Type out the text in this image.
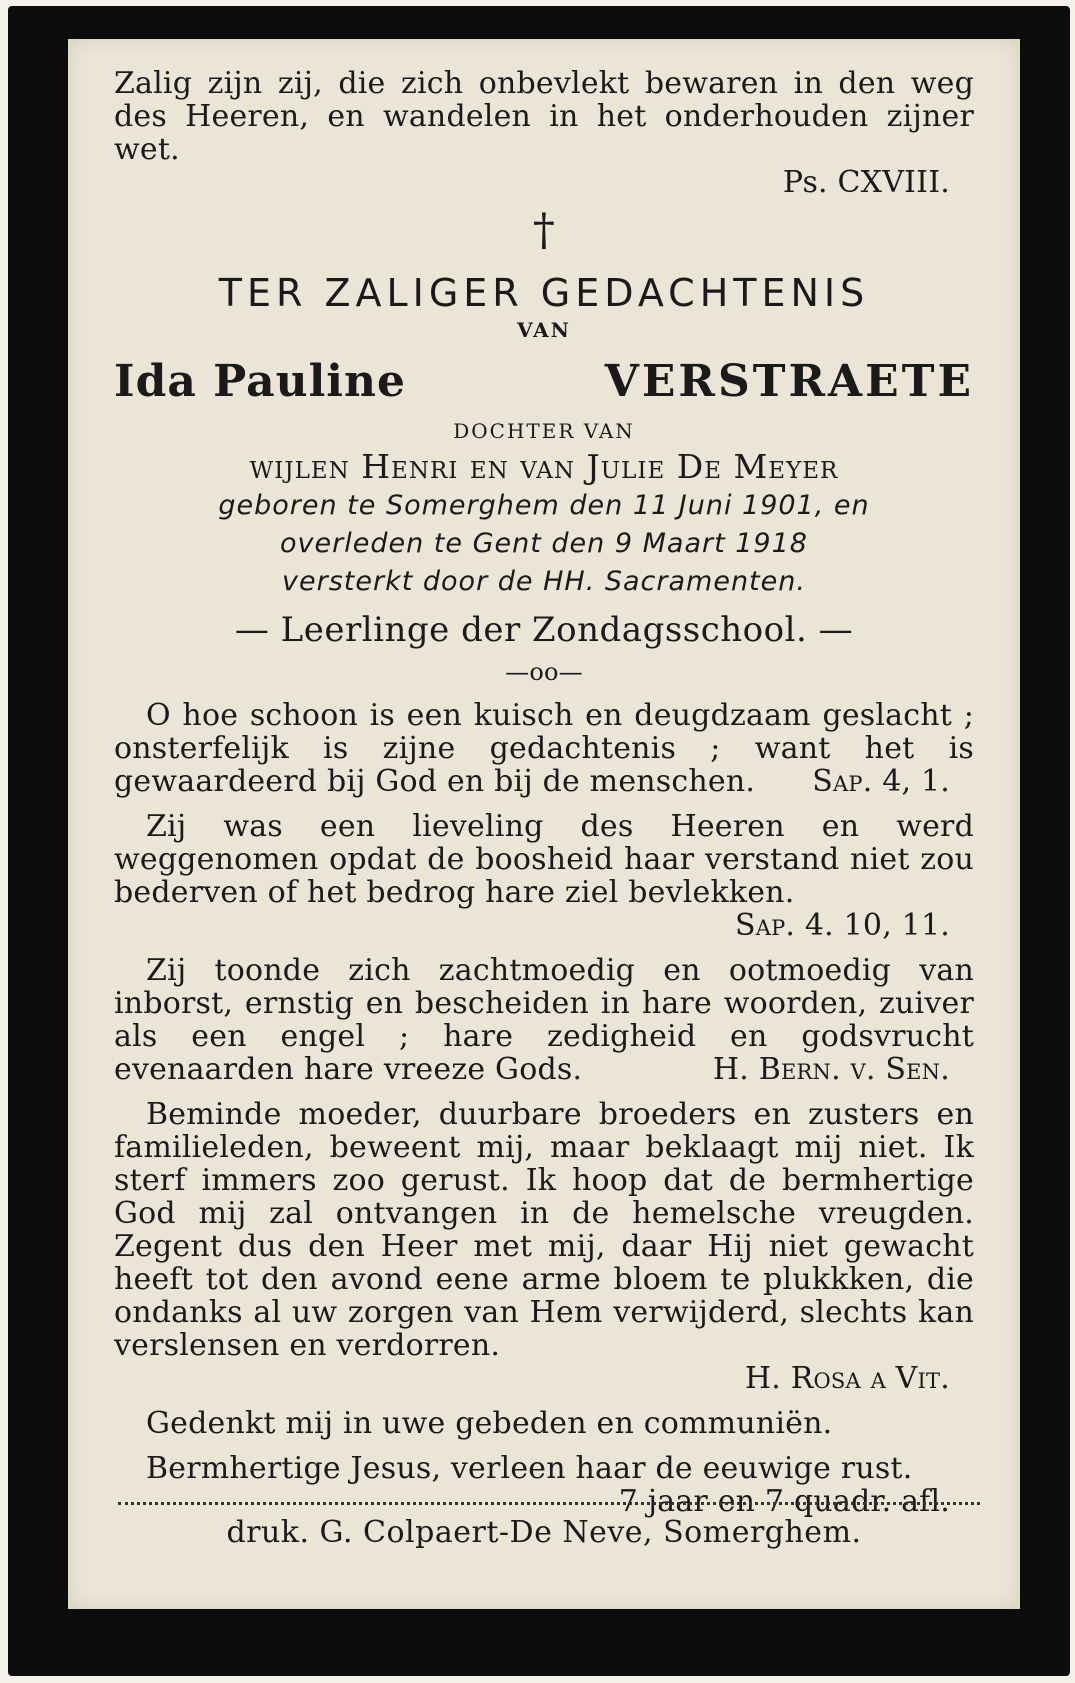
Zalig zijn zij, die zich onbevlekt bewaren in den weg des Heeren, en wandelen in het onderhouden zijner wet.

Ps. CXVIII.
†
TER ZALIGER GEDACHTENIS
VAN
Ida Pauline	VERSTRAETE
DOCHTER VAN
wijlen Henri en van Julie De Meyer
geboren te Somerghem den 11 Juni 1901, en
overleden te Gent den 9 Maart 1918
versterkt door de HH. Sacramenten.
— Leerlinge der Zondagsschool. —
—oo—

O hoe schoon is een kuisch en deugdzaam geslacht ; onsterfelijk is zijne gedachtenis ; want het is gewaardeerd bij God en bij de menschen.	Sap. 4, 1.

Zij was een lieveling des Heeren en werd weggenomen opdat de boosheid haar verstand niet zou bederven of het bedrog hare ziel bevlekken.

Sap. 4. 10, 11.

Zij toonde zich zachtmoedig en ootmoedig van inborst, ernstig en bescheiden in hare woorden, zuiver als een engel ; hare zedigheid en godsvrucht evenaarden hare vreeze Gods.	H. Bern. v. Sen.

Beminde moeder, duurbare broeders en zusters en familieleden, beweent mij, maar beklaagt mij niet. Ik sterf immers zoo gerust. Ik hoop dat de bermhertige God mij zal ontvangen in de hemelsche vreugden. Zegent dus den Heer met mij, daar Hij niet gewacht heeft tot den avond eene arme bloem te plukkken, die ondanks al uw zorgen van Hem verwijderd, slechts kan verslensen en verdorren.

H. Rosa a Vit.
Gedenkt mij in uwe gebeden en communiën.
Bermhertige Jesus, verleen haar de eeuwige rust.
7 jaar en 7 quadr. afl.
druk. G. Colpaert-De Neve, Somerghem.
